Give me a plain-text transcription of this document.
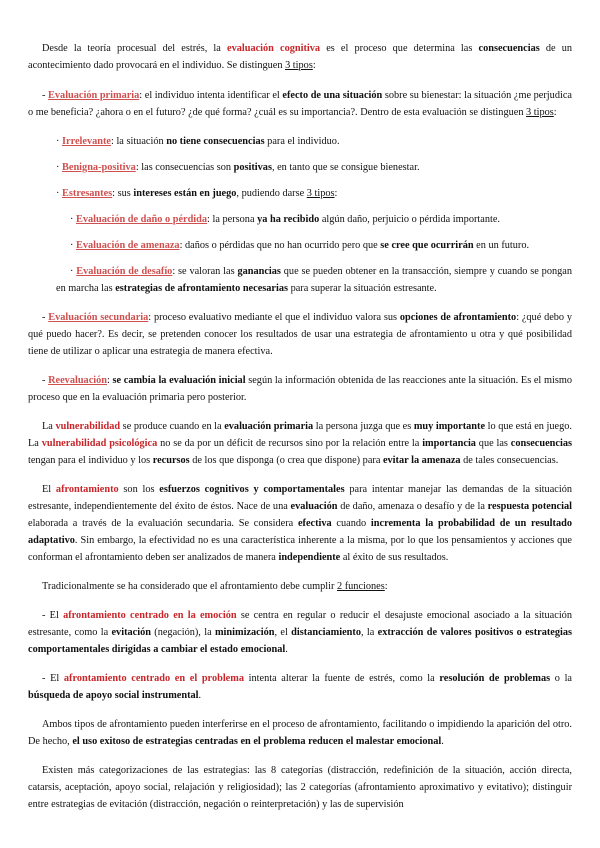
Desde la teoría procesual del estrés, la evaluación cognitiva es el proceso que determina las consecuencias de un acontecimiento dado provocará en el individuo. Se distinguen 3 tipos:

- Evaluación primaria: el individuo intenta identificar el efecto de una situación sobre su bienestar: la situación ¿me perjudica o me beneficia? ¿ahora o en el futuro? ¿de qué forma? ¿cuál es su importancia?. Dentro de esta evaluación se distinguen 3 tipos:

· Irrelevante: la situación no tiene consecuencias para el individuo.

· Benigna-positiva: las consecuencias son positivas, en tanto que se consigue bienestar.

· Estresantes: sus intereses están en juego, pudiendo darse 3 tipos:

· Evaluación de daño o pérdida: la persona ya ha recibido algún daño, perjuicio o pérdida importante.

· Evaluación de amenaza: daños o pérdidas que no han ocurrido pero que se cree que ocurrirán en un futuro.

· Evaluación de desafío: se valoran las ganancias que se pueden obtener en la transacción, siempre y cuando se pongan en marcha las estrategias de afrontamiento necesarias para superar la situación estresante.

- Evaluación secundaria: proceso evaluativo mediante el que el individuo valora sus opciones de afrontamiento: ¿qué debo y qué puedo hacer?. Es decir, se pretenden conocer los resultados de usar una estrategia de afrontamiento u otra y qué posibilidad tiene de utilizar o aplicar una estrategia de manera efectiva.

- Reevaluación: se cambia la evaluación inicial según la información obtenida de las reacciones ante la situación. Es el mismo proceso que en la evaluación primaria pero posterior.

La vulnerabilidad se produce cuando en la evaluación primaria la persona juzga que es muy importante lo que está en juego. La vulnerabilidad psicológica no se da por un déficit de recursos sino por la relación entre la importancia que las consecuencias tengan para el individuo y los recursos de los que disponga (o crea que dispone) para evitar la amenaza de tales consecuencias.

El afrontamiento son los esfuerzos cognitivos y comportamentales para intentar manejar las demandas de la situación estresante, independientemente del éxito de éstos. Nace de una evaluación de daño, amenaza o desafío y de la respuesta potencial elaborada a través de la evaluación secundaria. Se considera efectiva cuando incrementa la probabilidad de un resultado adaptativo. Sin embargo, la efectividad no es una característica inherente a la misma, por lo que los pensamientos y acciones que conforman el afrontamiento deben ser analizados de manera independiente al éxito de sus resultados.

Tradicionalmente se ha considerado que el afrontamiento debe cumplir 2 funciones:

- El afrontamiento centrado en la emoción se centra en regular o reducir el desajuste emocional asociado a la situación estresante, como la evitación (negación), la minimización, el distanciamiento, la extracción de valores positivos o estrategias comportamentales dirigidas a cambiar el estado emocional.

- El afrontamiento centrado en el problema intenta alterar la fuente de estrés, como la resolución de problemas o la búsqueda de apoyo social instrumental.

Ambos tipos de afrontamiento pueden interferirse en el proceso de afrontamiento, facilitando o impidiendo la aparición del otro. De hecho, el uso exitoso de estrategias centradas en el problema reducen el malestar emocional.

Existen más categorizaciones de las estrategias: las 8 categorías (distracción, redefinición de la situación, acción directa, catarsis, aceptación, apoyo social, relajación y religiosidad); las 2 categorías (afrontamiento aproximativo y evitativo); distinguir entre estrategias de evitación (distracción, negación o reinterpretación) y las de supervisión
